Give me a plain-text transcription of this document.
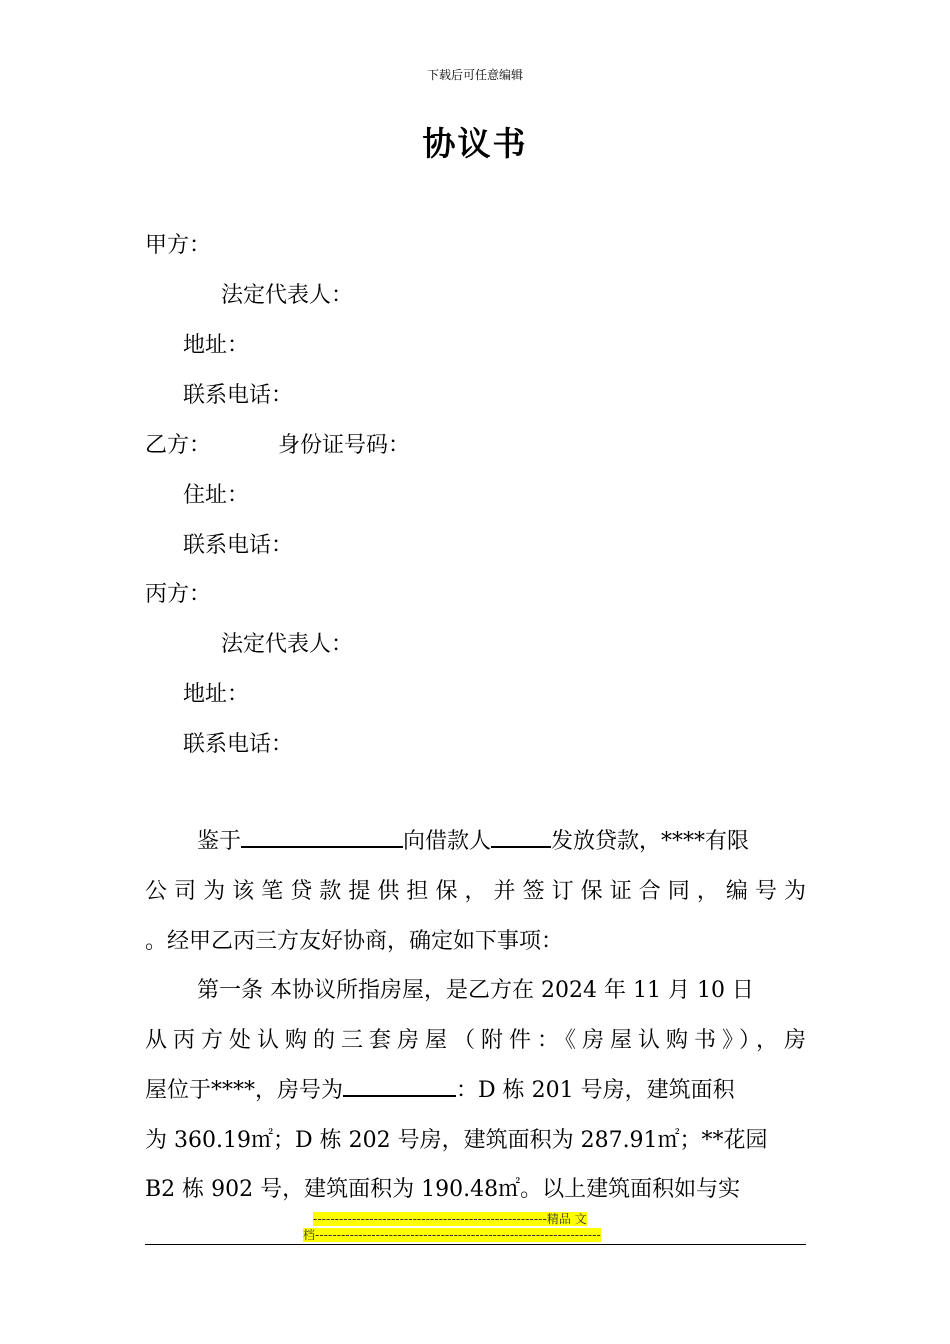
下载后可任意编辑
协议书
甲方：
法定代表人：
地址：
联系电话：
乙方：	身份证号码：
住址：
联系电话：
丙方：
法定代表人：
地址：
联系电话：
鉴于	向借款人	发放贷款，****有限
公司为该笔贷款提供担保，并签订保证合同，编号为
。经甲乙丙三方友好协商，确定如下事项：
第一条 本协议所指房屋，是乙方在 2024 年 11 月 10 日
从丙方处认购的三套房屋（附件：《房屋认购书》），房
屋位于****，房号为	：D 栋 201 号房，建筑面积
为 360.19㎡；D 栋 202 号房，建筑面积为 287.91㎡；**花园
B2 栋 902 号，建筑面积为 190.48㎡。以上建筑面积如与实
------------------------------------------------------精品 文
档------------------------------------------------------------------
